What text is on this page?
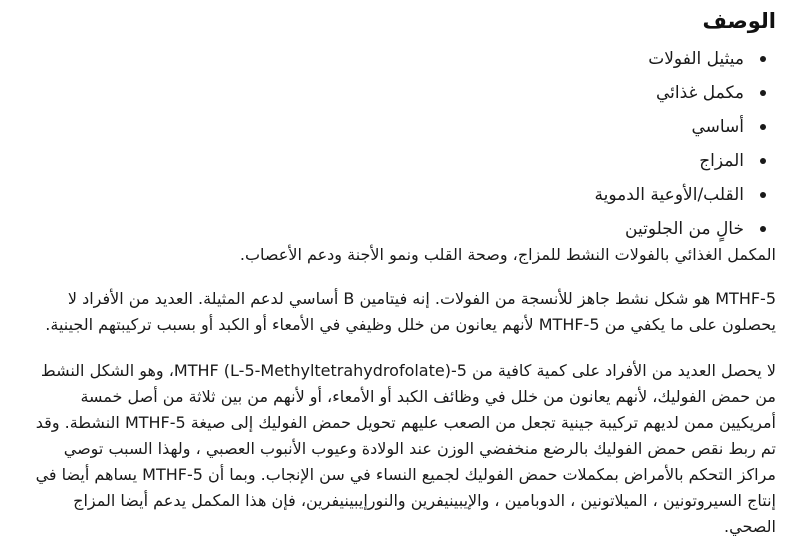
الوصف
ميثيل الفولات
مكمل غذائي
أساسي
المزاج
القلب/الأوعية الدموية
خالٍ من الجلوتين

المكمل الغذائي بالفولات النشط للمزاج، وصحة القلب ونمو الأجنة ودعم الأعصاب.

MTHF-5 هو شكل نشط جاهز للأنسجة من الفولات. إنه فيتامين B أساسي لدعم المثيلة. العديد من الأفراد لا يحصلون على ما يكفي من MTHF-5 لأنهم يعانون من خلل وظيفي في الأمعاء أو الكبد أو بسبب تركيبتهم الجينية.

لا يحصل العديد من الأفراد على كمية كافية من MTHF (L-5-Methyltetrahydrofolate)-5، وهو الشكل النشط من حمض الفوليك، لأنهم يعانون من خلل في وظائف الكبد أو الأمعاء، أو لأنهم من بين ثلاثة من أصل خمسة أمريكيين ممن لديهم تركيبة جينية تجعل من الصعب عليهم تحويل حمض الفوليك إلى صيغة MTHF-5 النشطة. وقد تم ربط نقص حمض الفوليك بالرضع منخفضي الوزن عند الولادة وعيوب الأنبوب العصبي ، ولهذا السبب توصي مراكز التحكم بالأمراض بمكملات حمض الفوليك لجميع النساء في سن الإنجاب. وبما أن 5-MTHF يساهم أيضا في إنتاج السيروتونين ، الميلاتونين ، الدوبامين ، والإيبينيفرين والنورإيبينيفرين، فإن هذا المكمل يدعم أيضا المزاج الصحي.
